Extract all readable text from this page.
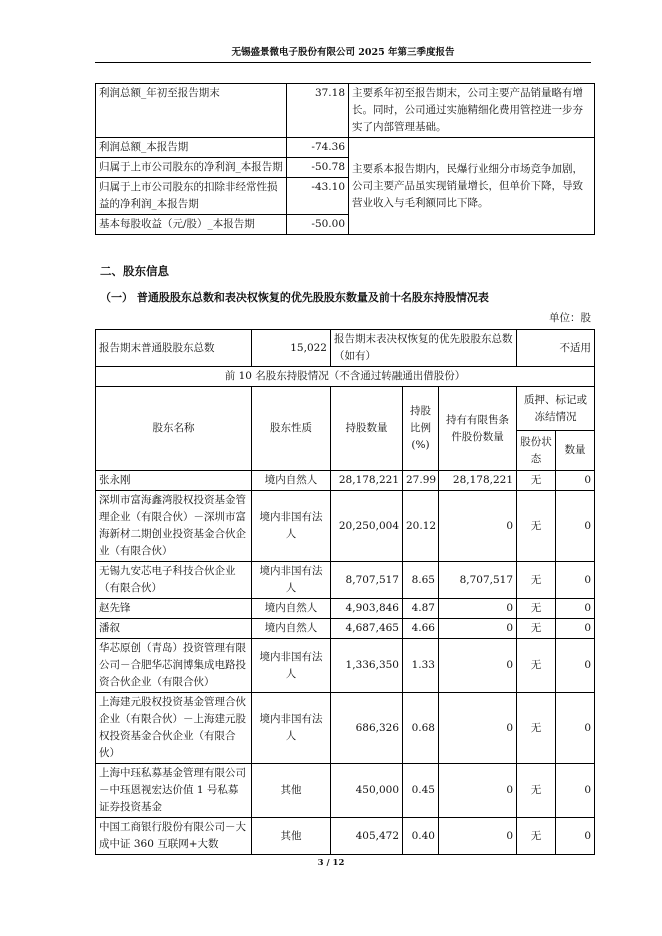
无锡盛景微电子股份有限公司 2025 年第三季度报告
利润总额_年初至报告期末	37.18	主要系年初至报告期末，公司主要产品销量略有增长。同时，公司通过实施精细化费用管控进一步夯实了内部管理基础。
利润总额_本报告期	-74.36	主要系本报告期内，民爆行业细分市场竞争加剧，公司主要产品虽实现销量增长，但单价下降，导致营业收入与毛利额同比下降。
归属于上市公司股东的净利润_本报告期	-50.78	
归属于上市公司股东的扣除非经常性损益的净利润_本报告期	-43.10	
基本每股收益（元/股）_本报告期	-50.00	
二、股东信息
（一） 普通股股东总数和表决权恢复的优先股股东数量及前十名股东持股情况表
单位：股
报告期末普通股股东总数	15,022	报告期末表决权恢复的优先股股东总数（如有）			不适用	
前 10 名股东持股情况（不含通过转融通出借股份）						
股东名称	股东性质	持股数量	持股比例(%)	持有有限售条件股份数量	质押、标记或冻结情况	
					股份状态	数量
张永刚	境内自然人	28,178,221	27.99	28,178,221	无	0
深圳市富海鑫湾股权投资基金管理企业（有限合伙）－深圳市富海新材二期创业投资基金合伙企业（有限合伙）	境内非国有法人	20,250,004	20.12	0	无	0
无锡九安芯电子科技合伙企业（有限合伙）	境内非国有法人	8,707,517	8.65	8,707,517	无	0
赵先锋	境内自然人	4,903,846	4.87	0	无	0
潘叙	境内自然人	4,687,465	4.66	0	无	0
华芯原创（青岛）投资管理有限公司－合肥华芯润博集成电路投资合伙企业（有限合伙）	境内非国有法人	1,336,350	1.33	0	无	0
上海建元股权投资基金管理合伙企业（有限合伙）－上海建元股权投资基金合伙企业（有限合伙）	境内非国有法人	686,326	0.68	0	无	0
上海中珏私募基金管理有限公司－中珏恩视宏达价值 1 号私募证券投资基金	其他	450,000	0.45	0	无	0
中国工商银行股份有限公司－大成中证 360 互联网+大数	其他	405,472	0.40	0	无	0
3 / 12
